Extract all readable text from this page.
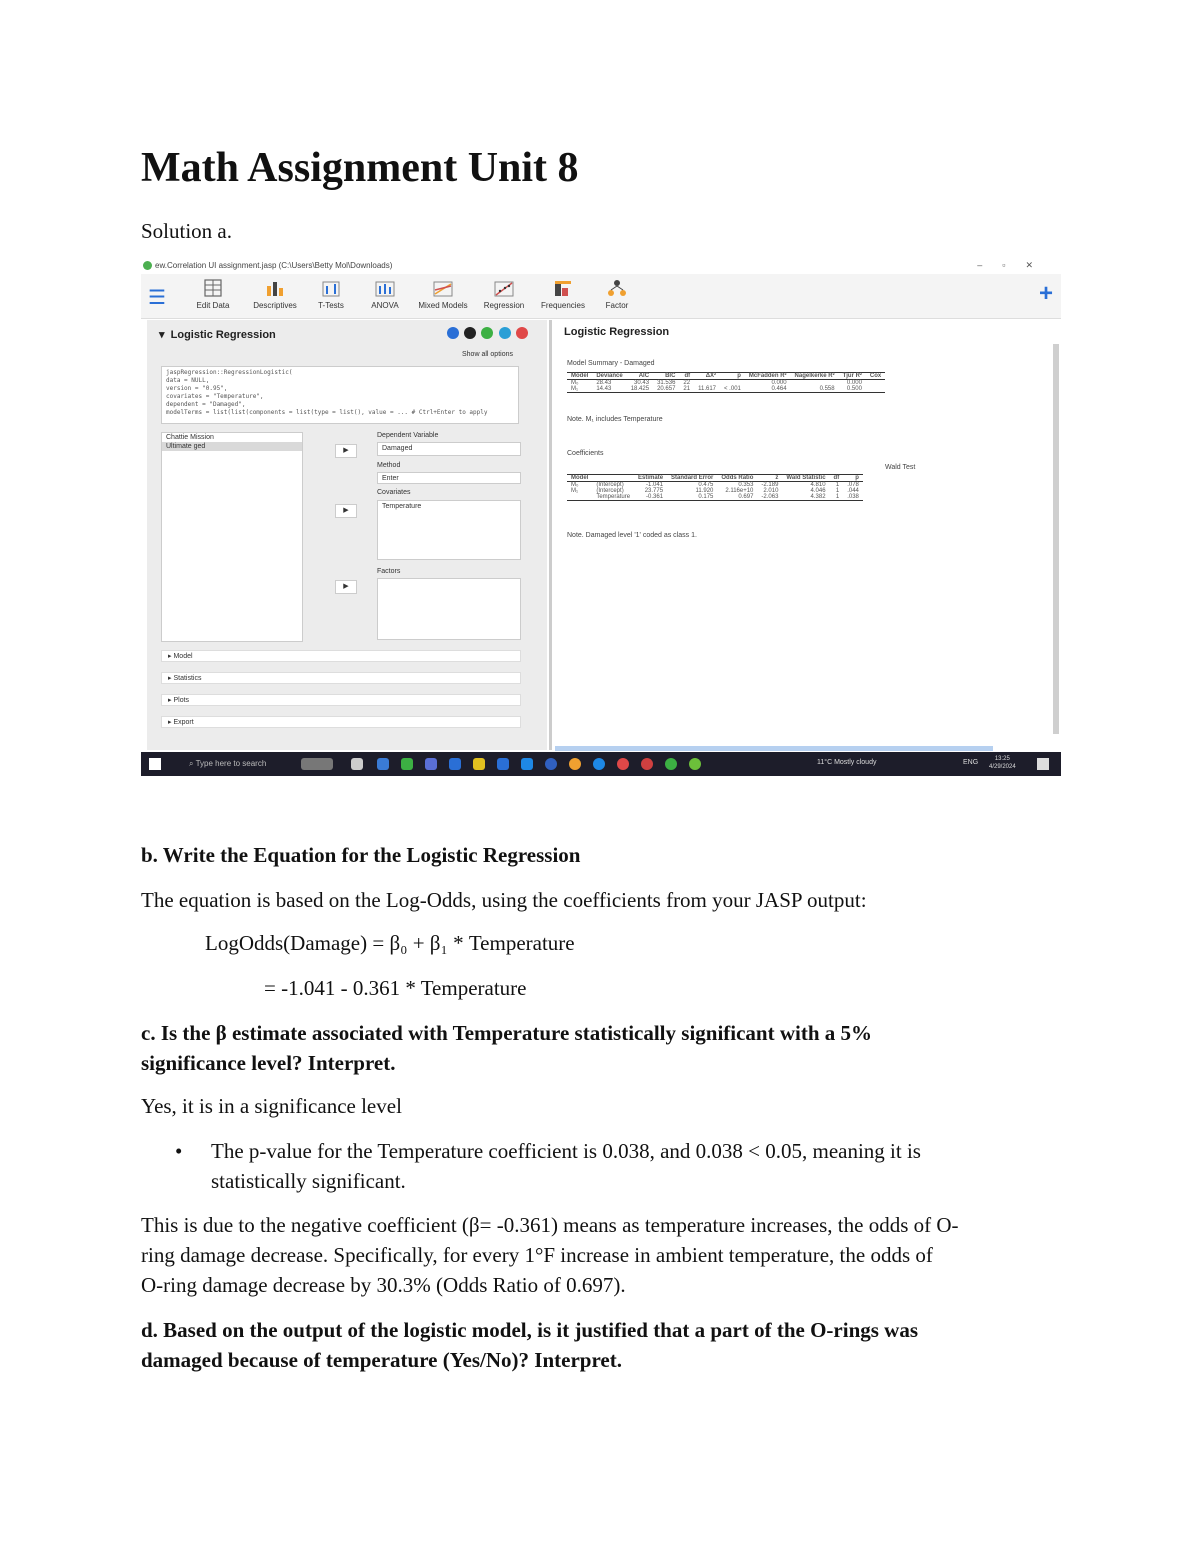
Math Assignment Unit 8

Solution a.

ew.Correlation UI assignment.jasp (C:\Users\Betty Mol\Downloads)	–▫✕
☰	Edit Data	Descriptives	T-Tests	ANOVA	Mixed Models	Regression	Frequencies	Factor	+
▾  Logistic Regression

Show all options
jaspRegression::RegressionLogistic(
data = NULL,
version = "0.95",
covariates = "Temperature",
dependent = "Damaged",
modelTerms = list(list(components = list(type = list(), value = ... # Ctrl+Enter to apply
Chattie Mission
Ultimate ged
▶
▶
▶
Dependent Variable
Damaged
Method
Enter
Covariates
Temperature
Factors
▸ Model
▸ Statistics
▸ Plots
▸ Export
Logistic Regression
Model Summary - Damaged
Model	Deviance	AIC	BIC	df	ΔX²	p	McFadden R²	Nagelkerke R²	Tjur R²	Cox
M₀	28.43	30.43	31.536	22			0.000		0.000	
M₁	14.43	18.425	20.657	21	11.617	< .001	0.464	0.558	0.500	
Note. M₁ includes Temperature
Coefficients
Wald Test
Model		Estimate	Standard Error	Odds Ratio	z	Wald Statistic	df	p
M₀	(Intercept)	-1.041	0.475	0.353	-2.189	4.810	1	.078
M₁	(Intercept)	23.775	11.920	2.116e+10	2.010	4.046	1	.044
	Temperature	-0.361	0.175	0.697	-2.063	4.382	1	.038
Note. Damaged level '1' coded as class 1.
⌕ Type here to search	11°C Mostly cloudy	ENG	13:25
4/29/2024

b. Write the Equation for the Logistic Regression

The equation is based on the Log-Odds, using the coefficients from your JASP output:

LogOdds(Damage) = β₀ + β₁ * Temperature

= -1.041 - 0.361 * Temperature

c. Is the β estimate associated with Temperature statistically significant with a 5%

significance level? Interpret.

Yes, it is in a significance level

• The p-value for the Temperature coefficient is 0.038, and 0.038 < 0.05, meaning it is

statistically significant.

This is due to the negative coefficient (β= -0.361) means as temperature increases, the odds of O-

ring damage decrease. Specifically, for every 1°F increase in ambient temperature, the odds of

O-ring damage decrease by 30.3% (Odds Ratio of 0.697).

d. Based on the output of the logistic model, is it justified that a part of the O-rings was

damaged because of temperature (Yes/No)? Interpret.
